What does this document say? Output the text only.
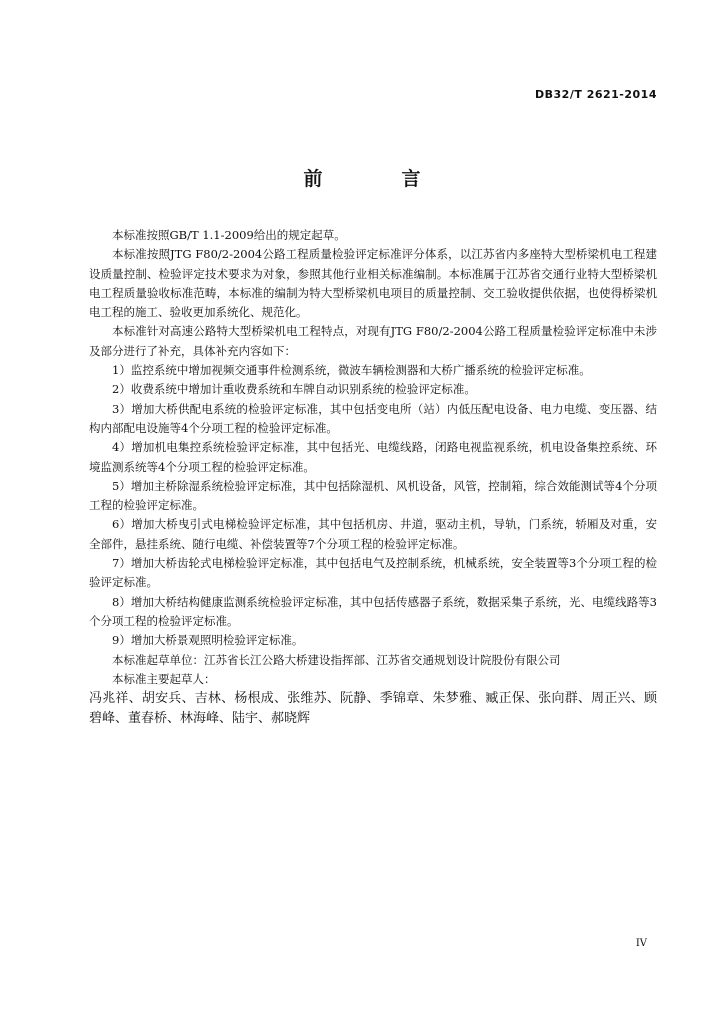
DB32/T 2621-2014
前　言

本标准按照GB/T 1.1-2009给出的规定起草。

本标准按照JTG F80/2-2004公路工程质量检验评定标准评分体系，以江苏省内多座特大型桥梁机电工程建设质量控制、检验评定技术要求为对象，参照其他行业相关标准编制。本标准属于江苏省交通行业特大型桥梁机电工程质量验收标准范畴，本标准的编制为特大型桥梁机电项目的质量控制、交工验收提供依据，也使得桥梁机电工程的施工、验收更加系统化、规范化。

本标准针对高速公路特大型桥梁机电工程特点，对现有JTG F80/2-2004公路工程质量检验评定标准中未涉及部分进行了补充，具体补充内容如下：

1）监控系统中增加视频交通事件检测系统，微波车辆检测器和大桥广播系统的检验评定标准。

2）收费系统中增加计重收费系统和车牌自动识别系统的检验评定标准。

3）增加大桥供配电系统的检验评定标准，其中包括变电所（站）内低压配电设备、电力电缆、变压器、结构内部配电设施等4个分项工程的检验评定标准。

4）增加机电集控系统检验评定标准，其中包括光、电缆线路，闭路电视监视系统，机电设备集控系统、环境监测系统等4个分项工程的检验评定标准。

5）增加主桥除湿系统检验评定标准，其中包括除湿机、风机设备，风管，控制箱，综合效能测试等4个分项工程的检验评定标准。

6）增加大桥曳引式电梯检验评定标准，其中包括机房、井道，驱动主机，导轨，门系统，轿厢及对重，安全部件，悬挂系统、随行电缆、补偿装置等7个分项工程的检验评定标准。

7）增加大桥齿轮式电梯检验评定标准，其中包括电气及控制系统，机械系统，安全装置等3个分项工程的检验评定标准。

8）增加大桥结构健康监测系统检验评定标准，其中包括传感器子系统，数据采集子系统，光、电缆线路等3个分项工程的检验评定标准。

9）增加大桥景观照明检验评定标准。

本标准起草单位：江苏省长江公路大桥建设指挥部、江苏省交通规划设计院股份有限公司

本标准主要起草人：

冯兆祥、胡安兵、吉林、杨根成、张维苏、阮静、季锦章、朱梦雅、臧正保、张向群、周正兴、顾碧峰、董春桥、林海峰、陆宇、郝晓辉

IV
